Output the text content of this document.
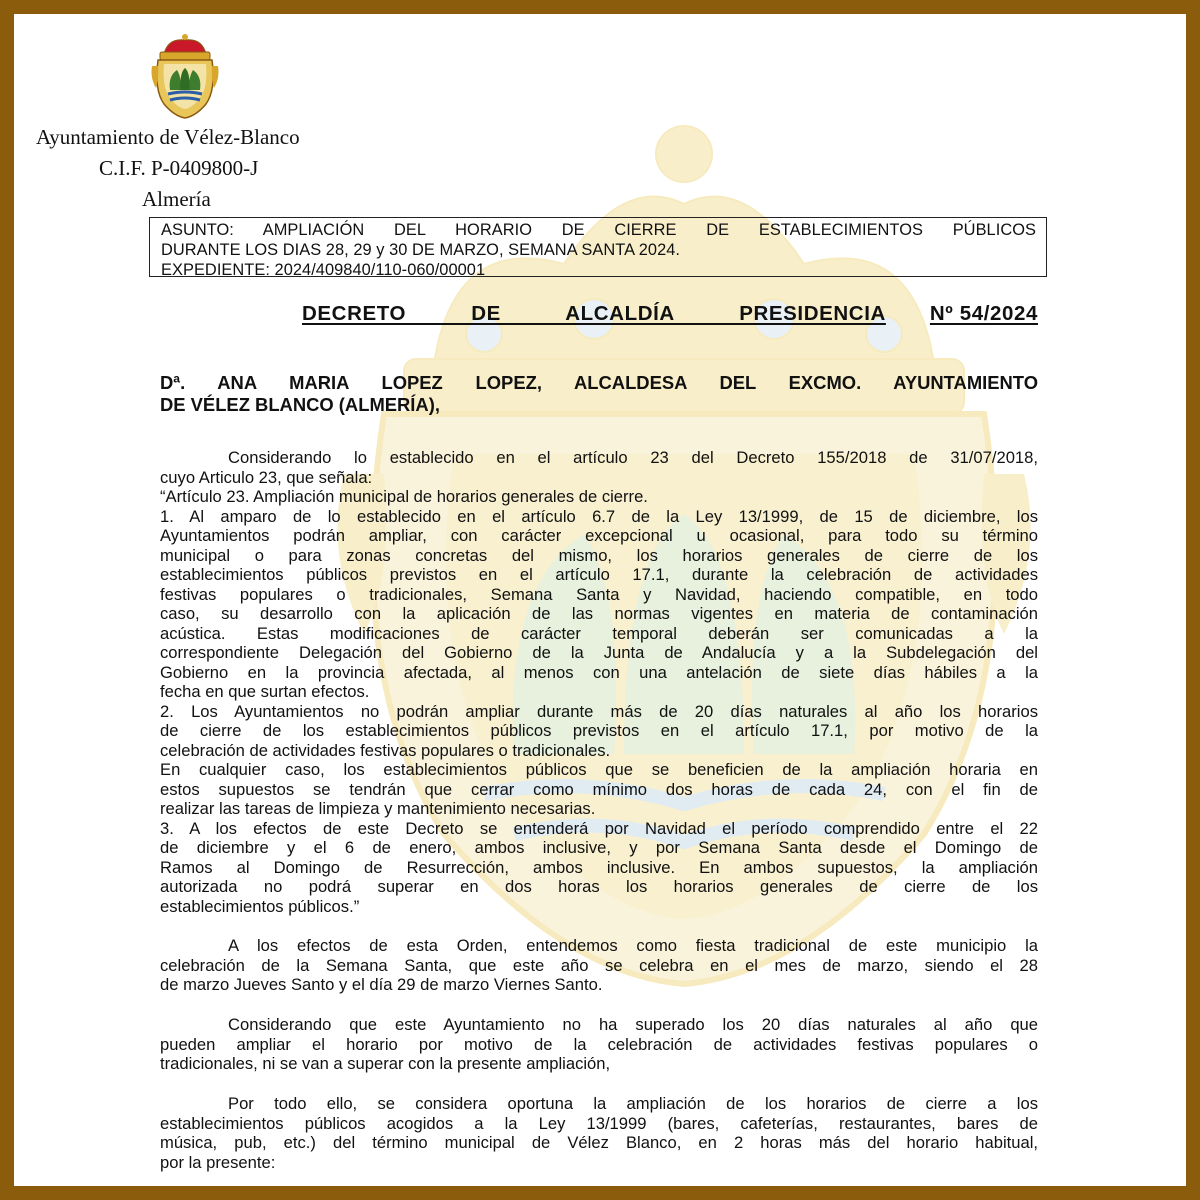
Ayuntamiento de Vélez-Blanco
C.I.F. P-0409800-J
Almería
ASUNTO: AMPLIACIÓN DEL HORARIO DE CIERRE DE ESTABLECIMIENTOS PÚBLICOS
DURANTE LOS DIAS 28, 29 y 30 DE MARZO, SEMANA SANTA 2024.
EXPEDIENTE: 2024/409840/110-060/00001
DECRETO DE ALCALDÍA PRESIDENCIA	Nº 54/2024
Dª. ANA MARIA LOPEZ LOPEZ, ALCALDESA DEL EXCMO. AYUNTAMIENTO
DE VÉLEZ BLANCO (ALMERÍA),
Considerando lo establecido en el artículo 23 del Decreto 155/2018 de 31/07/2018,
cuyo Articulo 23, que señala:
“Artículo 23. Ampliación municipal de horarios generales de cierre.
1. Al amparo de lo establecido en el artículo 6.7 de la Ley 13/1999, de 15 de diciembre, los
Ayuntamientos podrán ampliar, con carácter excepcional u ocasional, para todo su término
municipal o para zonas concretas del mismo, los horarios generales de cierre de los
establecimientos públicos previstos en el artículo 17.1, durante la celebración de actividades
festivas populares o tradicionales, Semana Santa y Navidad, haciendo compatible, en todo
caso, su desarrollo con la aplicación de las normas vigentes en materia de contaminación
acústica. Estas modificaciones de carácter temporal deberán ser comunicadas a la
correspondiente Delegación del Gobierno de la Junta de Andalucía y a la Subdelegación del
Gobierno en la provincia afectada, al menos con una antelación de siete días hábiles a la
fecha en que surtan efectos.
2. Los Ayuntamientos no podrán ampliar durante más de 20 días naturales al año los horarios
de cierre de los establecimientos públicos previstos en el artículo 17.1, por motivo de la
celebración de actividades festivas populares o tradicionales.
En cualquier caso, los establecimientos públicos que se beneficien de la ampliación horaria en
estos supuestos se tendrán que cerrar como mínimo dos horas de cada 24, con el fin de
realizar las tareas de limpieza y mantenimiento necesarias.
3. A los efectos de este Decreto se entenderá por Navidad el período comprendido entre el 22
de diciembre y el 6 de enero, ambos inclusive, y por Semana Santa desde el Domingo de
Ramos al Domingo de Resurrección, ambos inclusive. En ambos supuestos, la ampliación
autorizada no podrá superar en dos horas los horarios generales de cierre de los
establecimientos públicos.”
A los efectos de esta Orden, entendemos como fiesta tradicional de este municipio la
celebración de la Semana Santa, que este año se celebra en el mes de marzo, siendo el 28
de marzo Jueves Santo y el día 29 de marzo Viernes Santo.
Considerando que este Ayuntamiento no ha superado los 20 días naturales al año que
pueden ampliar el horario por motivo de la celebración de actividades festivas populares o
tradicionales, ni se van a superar con la presente ampliación,
Por todo ello, se considera oportuna la ampliación de los horarios de cierre a los
establecimientos públicos acogidos a la Ley 13/1999 (bares, cafeterías, restaurantes, bares de
música, pub, etc.) del término municipal de Vélez Blanco, en 2 horas más del horario habitual,
por la presente:
